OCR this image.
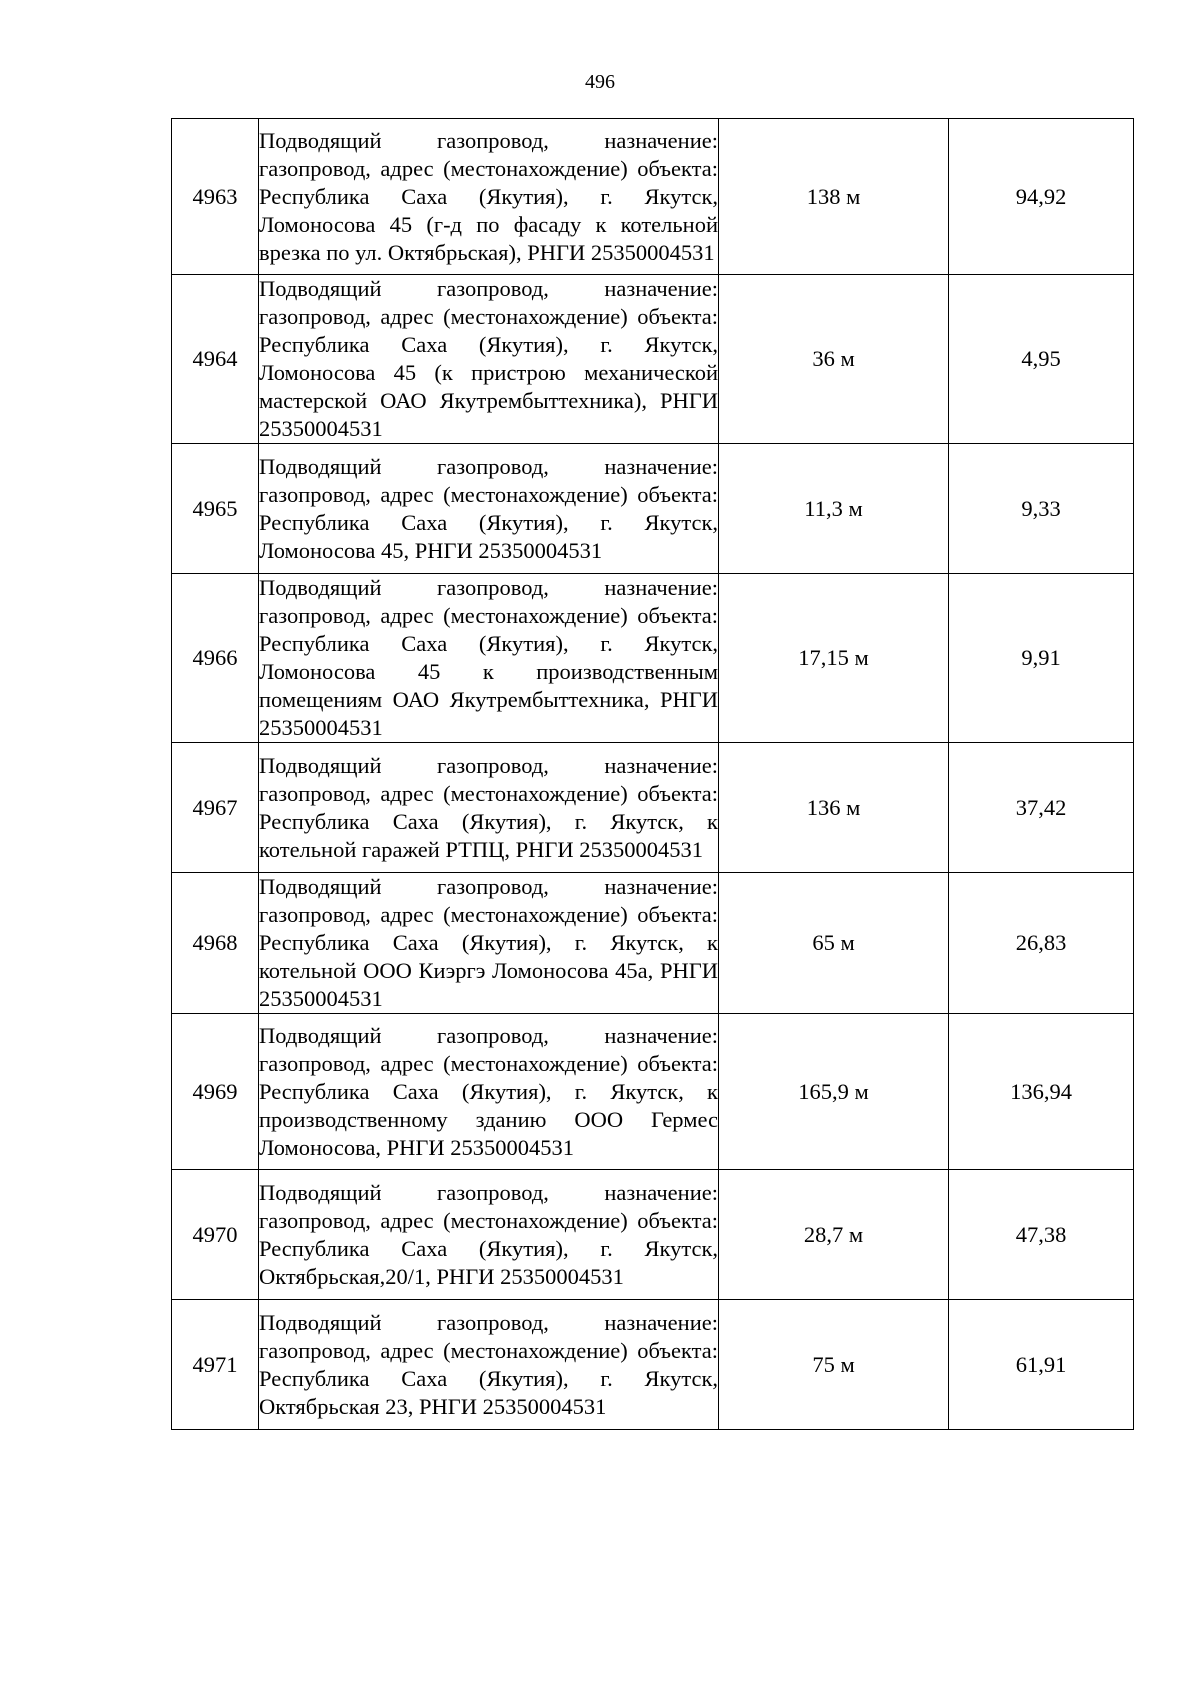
496
4963	Подводящий газопровод, назначение: газопровод, адрес (местонахождение) объекта: Республика Саха (Якутия), г. Якутск, Ломоносова 45 (г-д по фасаду к котельной врезка по ул. Октябрьская), РНГИ 25350004531	138 м	94,92
4964	Подводящий газопровод, назначение: газопровод, адрес (местонахождение) объекта: Республика Саха (Якутия), г. Якутск, Ломоносова 45 (к пристрою механической мастерской ОАО Якутрембыттехника), РНГИ 25350004531	36 м	4,95
4965	Подводящий газопровод, назначение: газопровод, адрес (местонахождение) объекта: Республика Саха (Якутия), г. Якутск, Ломоносова 45, РНГИ 25350004531	11,3 м	9,33
4966	Подводящий газопровод, назначение: газопровод, адрес (местонахождение) объекта: Республика Саха (Якутия), г. Якутск, Ломоносова 45 к производственным помещениям ОАО Якутрембыттехника, РНГИ 25350004531	17,15 м	9,91
4967	Подводящий газопровод, назначение: газопровод, адрес (местонахождение) объекта: Республика Саха (Якутия), г. Якутск, к котельной гаражей РТПЦ, РНГИ 25350004531	136 м	37,42
4968	Подводящий газопровод, назначение: газопровод, адрес (местонахождение) объекта: Республика Саха (Якутия), г. Якутск, к котельной ООО Киэргэ Ломоносова 45а, РНГИ 25350004531	65 м	26,83
4969	Подводящий газопровод, назначение: газопровод, адрес (местонахождение) объекта: Республика Саха (Якутия), г. Якутск, к производственному зданию ООО Гермес Ломоносова, РНГИ 25350004531	165,9 м	136,94
4970	Подводящий газопровод, назначение: газопровод, адрес (местонахождение) объекта: Республика Саха (Якутия), г. Якутск, Октябрьская,20/1, РНГИ 25350004531	28,7 м	47,38
4971	Подводящий газопровод, назначение: газопровод, адрес (местонахождение) объекта: Республика Саха (Якутия), г. Якутск, Октябрьская 23, РНГИ 25350004531	75 м	61,91
